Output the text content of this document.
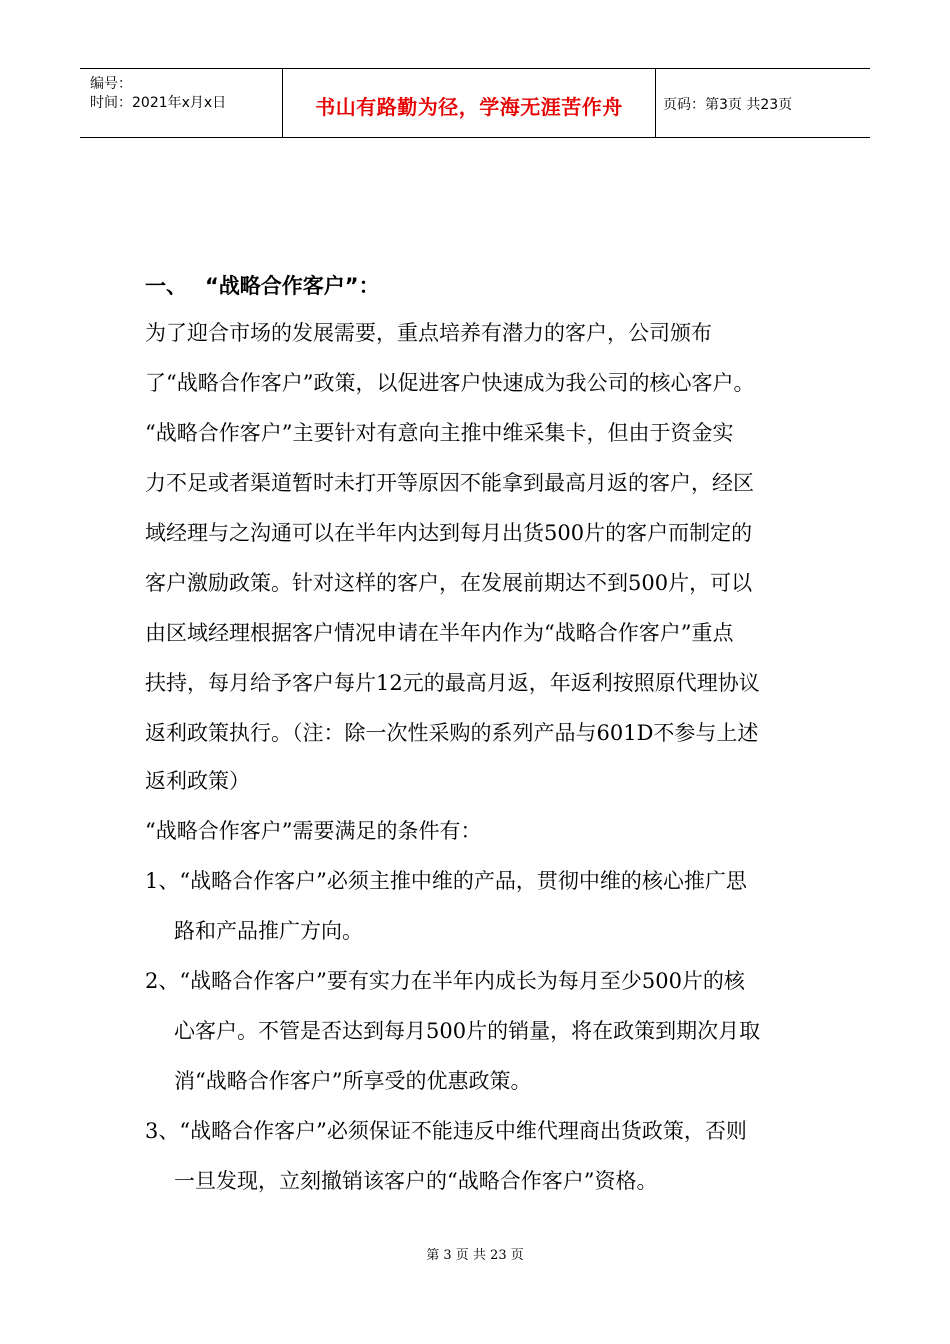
编号：
时间：2021年x月x日	书山有路勤为径，学海无涯苦作舟	页码：第3页 共23页
一、 “战略合作客户”：
为了迎合市场的发展需要，重点培养有潜力的客户，公司颁布
了“战略合作客户”政策，以促进客户快速成为我公司的核心客户。
“战略合作客户”主要针对有意向主推中维采集卡，但由于资金实
力不足或者渠道暂时未打开等原因不能拿到最高月返的客户，经区
域经理与之沟通可以在半年内达到每月出货500片的客户而制定的
客户激励政策。针对这样的客户，在发展前期达不到500片，可以
由区域经理根据客户情况申请在半年内作为“战略合作客户”重点
扶持，每月给予客户每片12元的最高月返，年返利按照原代理协议
返利政策执行。（注：除一次性采购的系列产品与601D不参与上述
返利政策）
“战略合作客户”需要满足的条件有：
1、“战略合作客户”必须主推中维的产品，贯彻中维的核心推广思
路和产品推广方向。
2、“战略合作客户”要有实力在半年内成长为每月至少500片的核
心客户。不管是否达到每月500片的销量，将在政策到期次月取
消“战略合作客户”所享受的优惠政策。
3、“战略合作客户”必须保证不能违反中维代理商出货政策，否则
一旦发现，立刻撤销该客户的“战略合作客户”资格。
第 3 页 共 23 页
